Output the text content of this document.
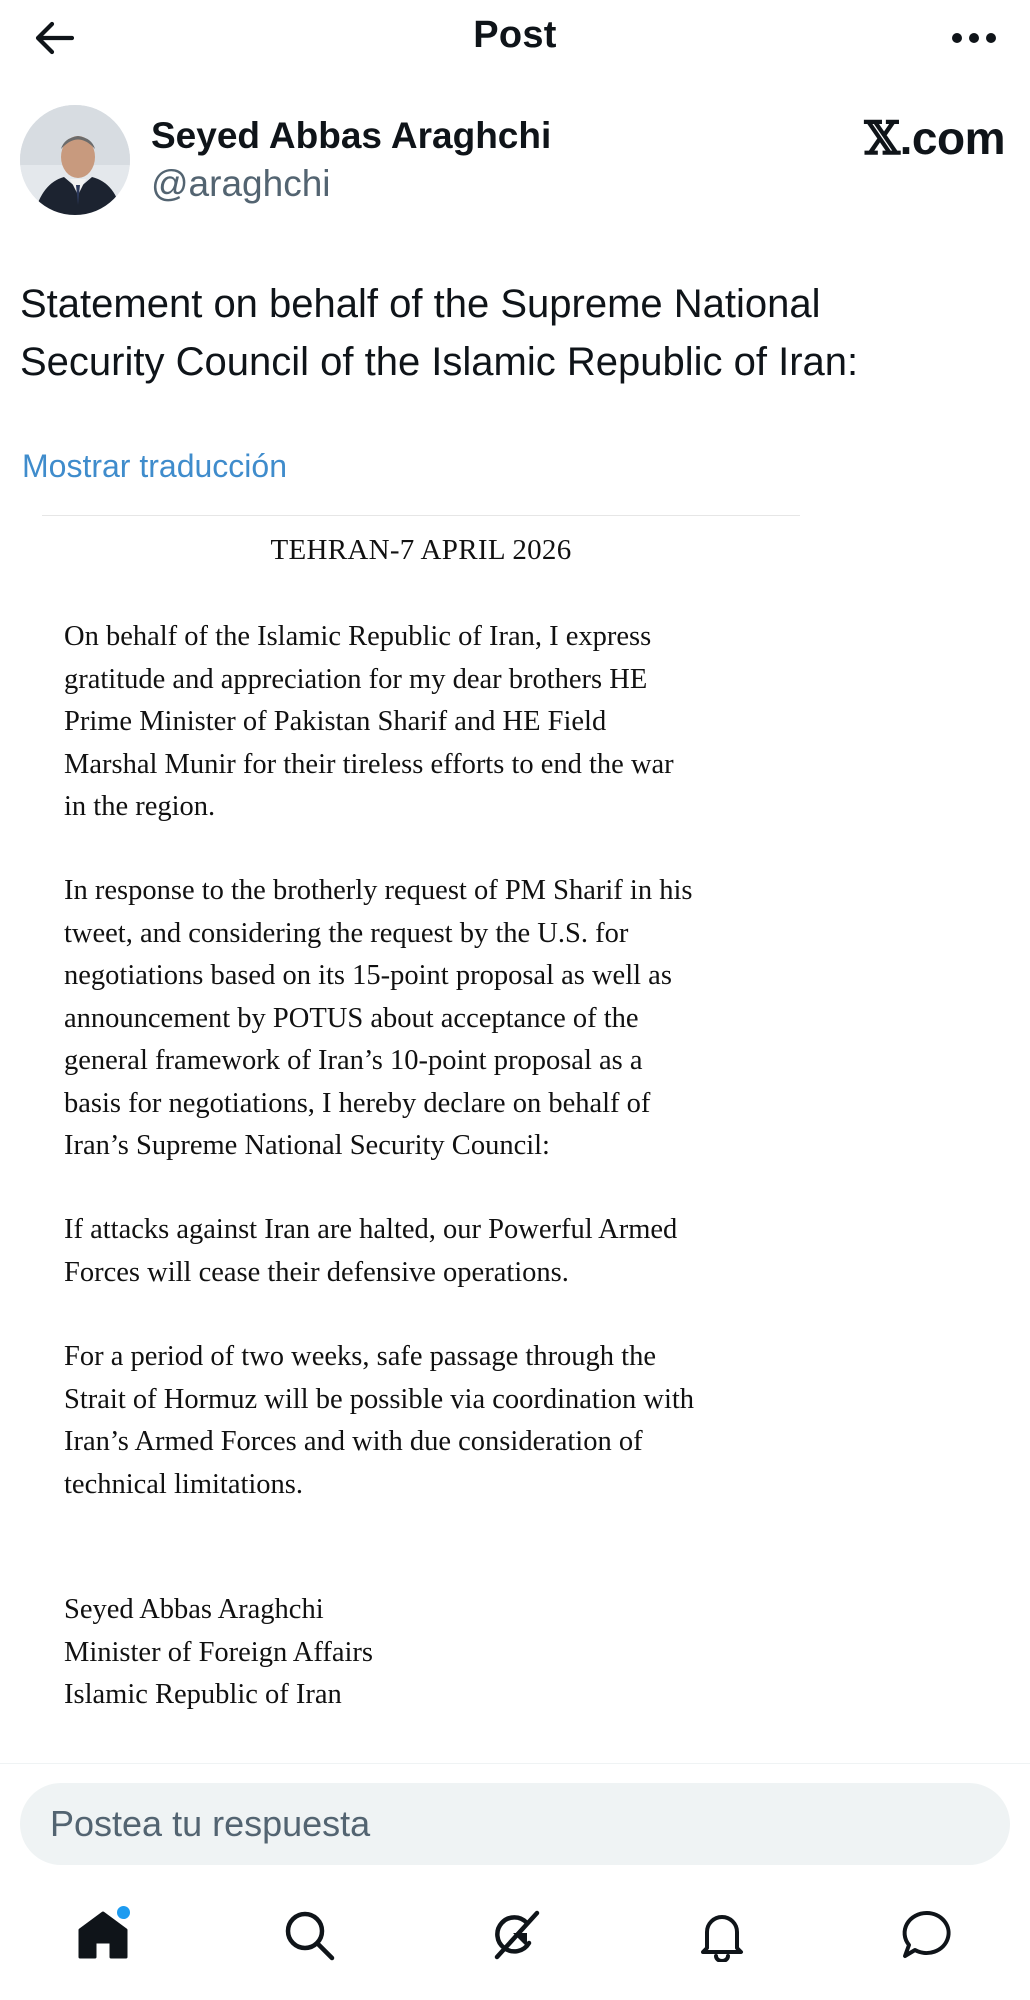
Post
Seyed Abbas Araghchi
@araghchi
𝕏.com
Statement on behalf of the Supreme National
Security Council of the Islamic Republic of Iran:
Mostrar traducción
TEHRAN-7 APRIL 2026
On behalf of the Islamic Republic of Iran, I express
gratitude and appreciation for my dear brothers HE
Prime Minister of Pakistan Sharif and HE Field
Marshal Munir for their tireless efforts to end the war
in the region.
In response to the brotherly request of PM Sharif in his
tweet, and considering the request by the U.S. for
negotiations based on its 15-point proposal as well as
announcement by POTUS about acceptance of the
general framework of Iran’s 10-point proposal as a
basis for negotiations, I hereby declare on behalf of
Iran’s Supreme National Security Council:
If attacks against Iran are halted, our Powerful Armed
Forces will cease their defensive operations.
For a period of two weeks, safe passage through the
Strait of Hormuz will be possible via coordination with
Iran’s Armed Forces and with due consideration of
technical limitations.
Seyed Abbas Araghchi
Minister of Foreign Affairs
Islamic Republic of Iran
Postea tu respuesta
